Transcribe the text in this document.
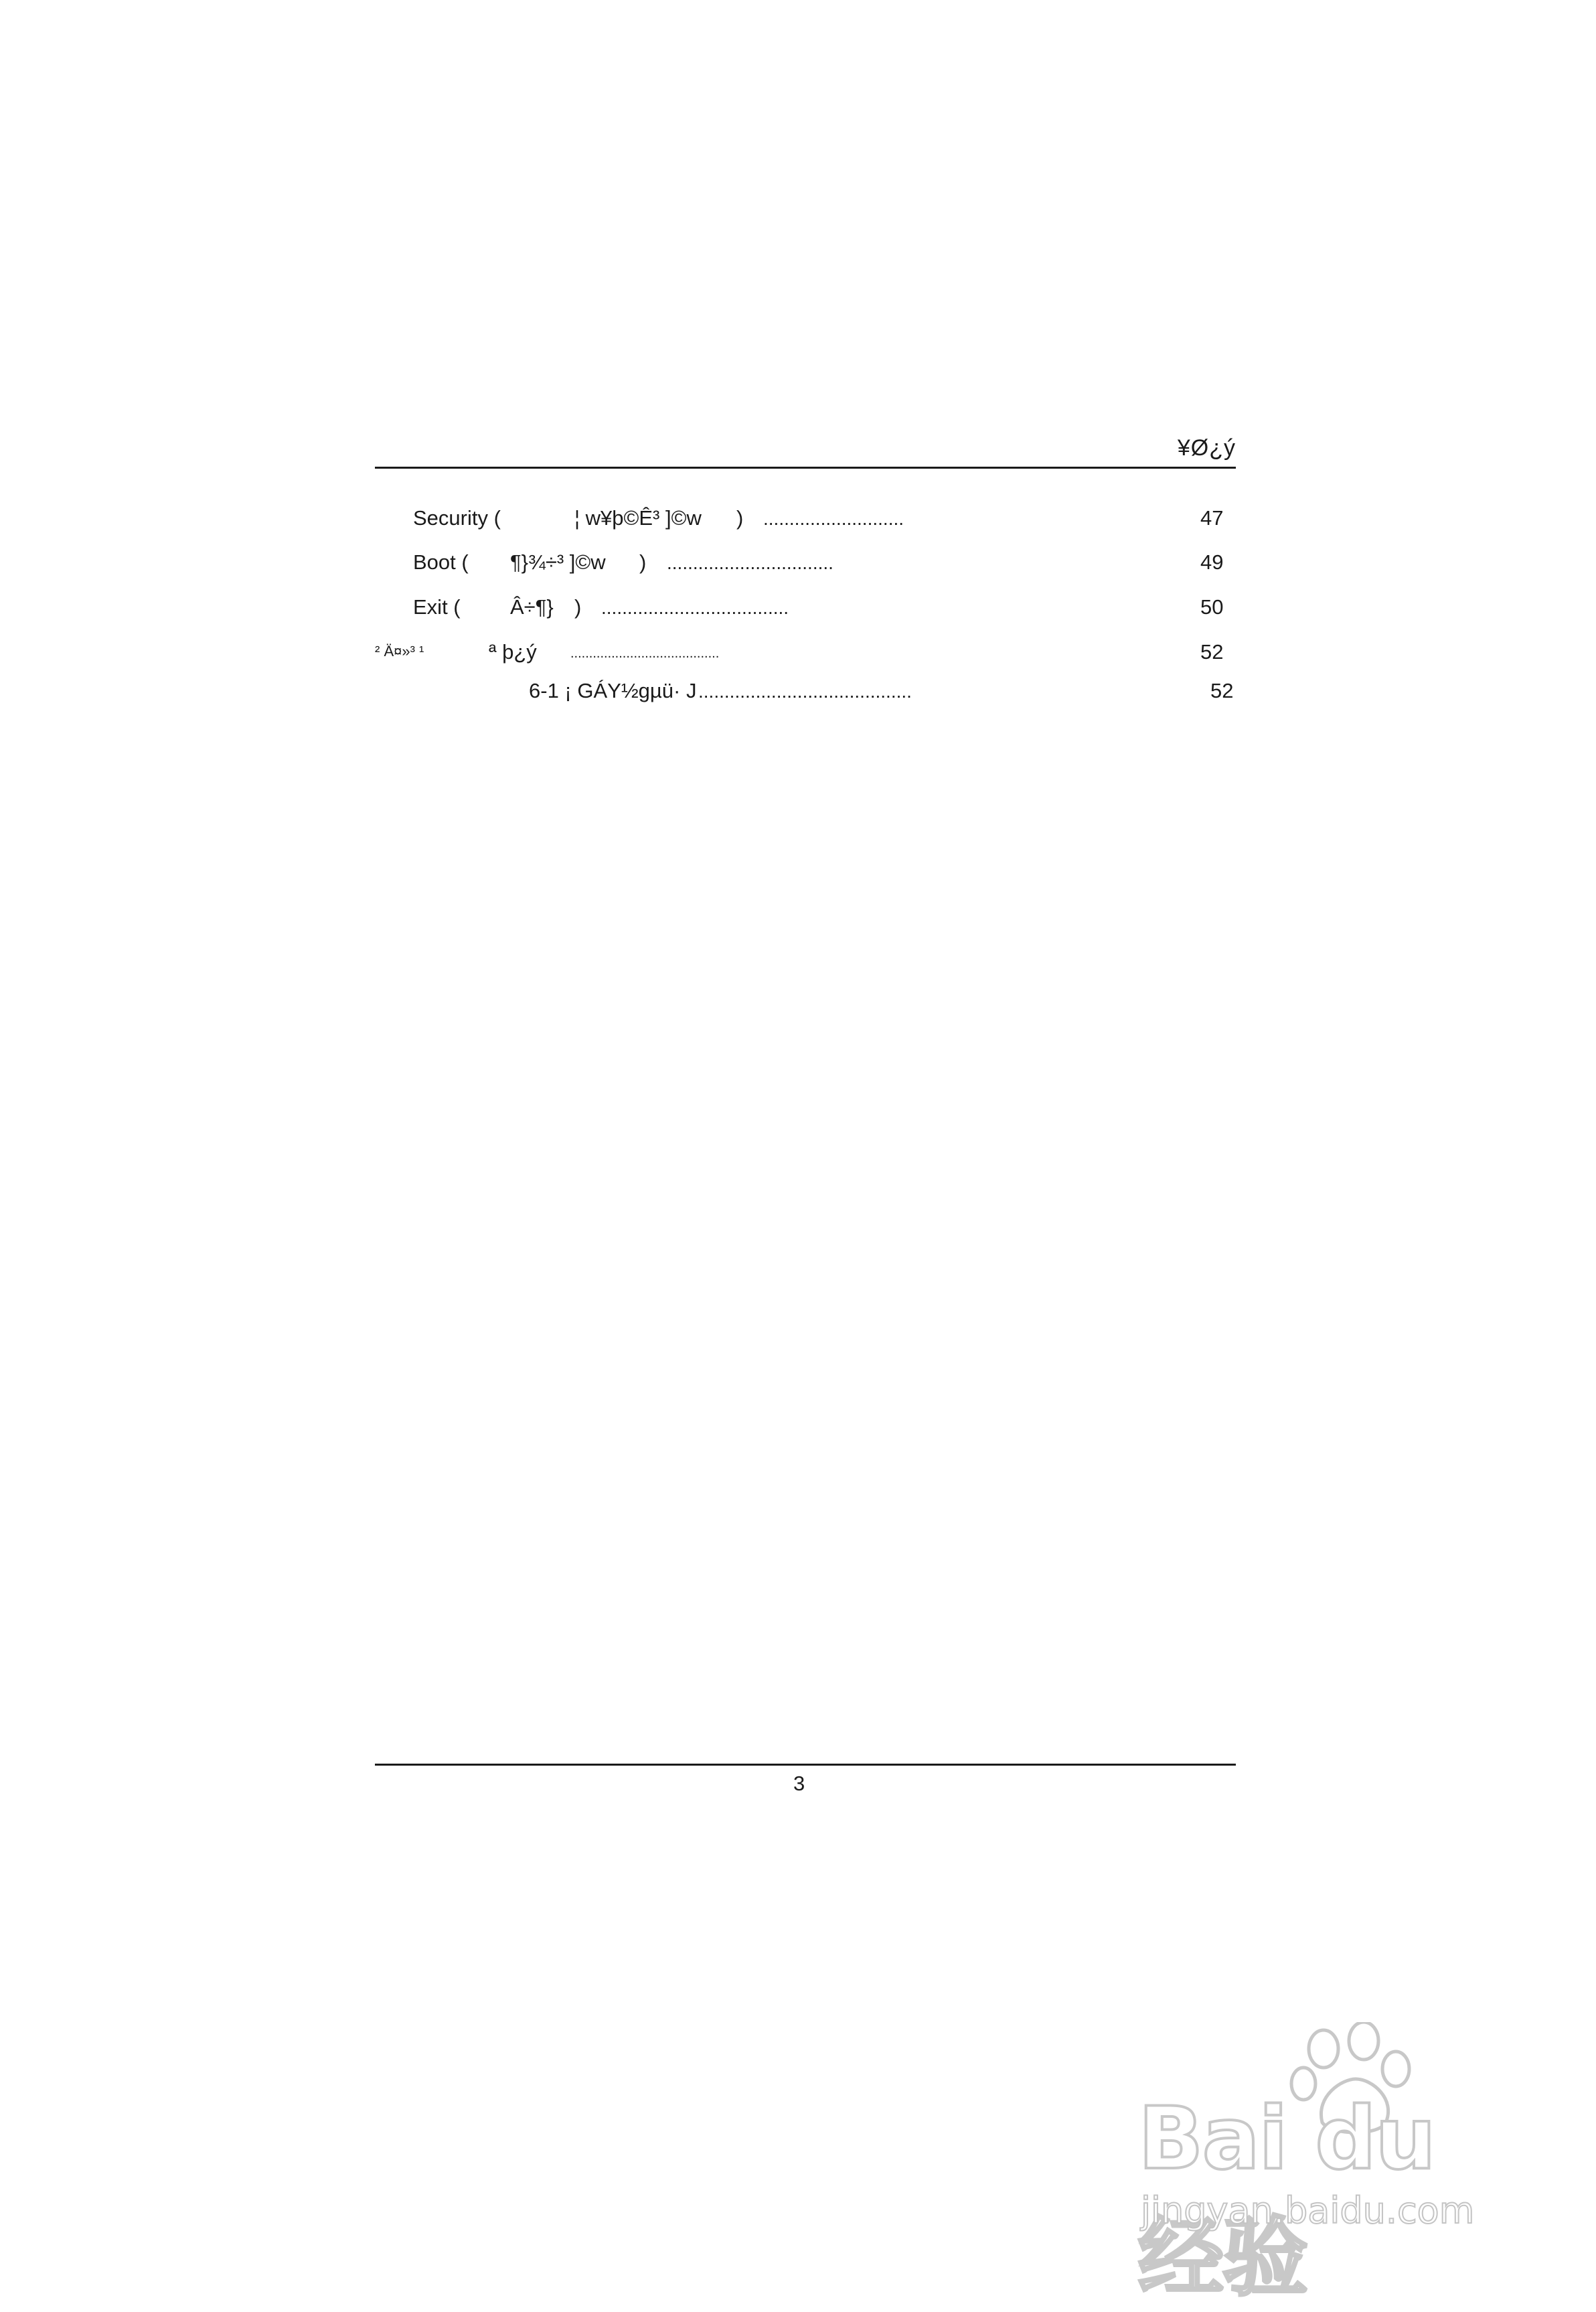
¥Ø¿ý
Security (	¦ w¥þ©Ê³ ]©w ) ...........................	47
Boot ( ¶}¾÷³ ]©w ) ................................	49
Exit ( Â÷¶} ) ....................................	50
² Ä¤»³ ¹	ª þ¿ý	........................................	52
6-1 ¡ GÁY½gµü· J .........................................	52
3
Bai du 经验
jingyan.baidu.com
